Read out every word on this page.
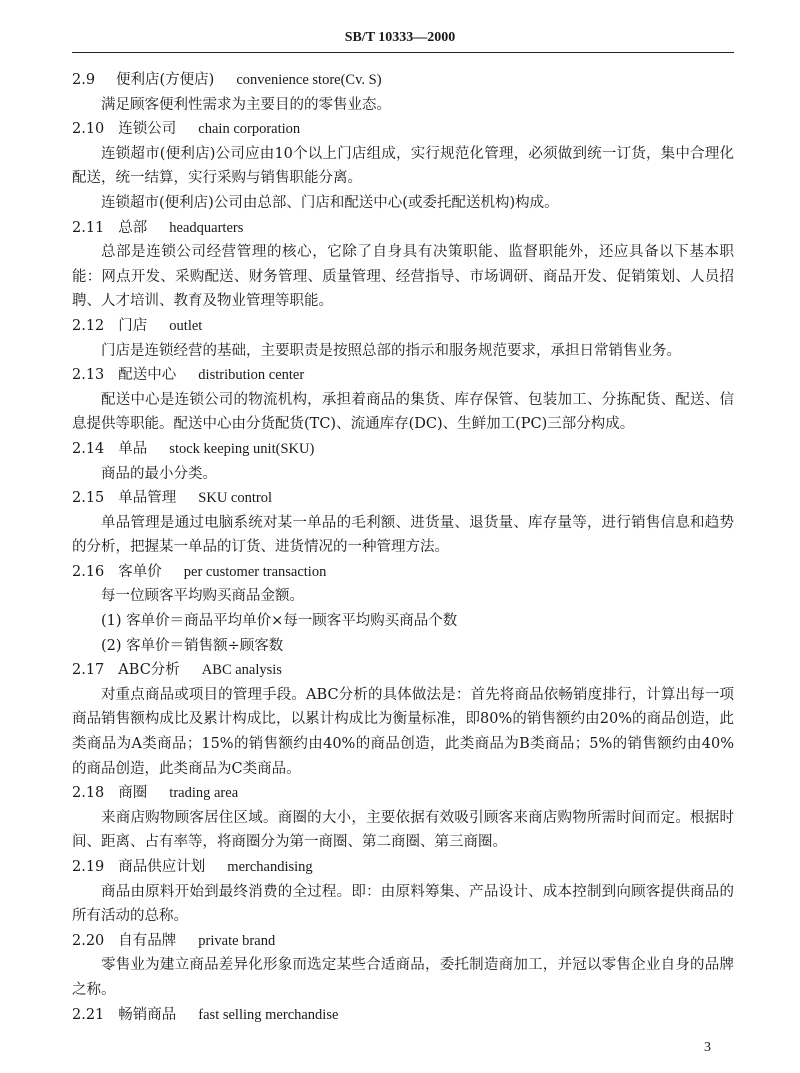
SB/T 10333—2000
2.9	便利店(方便店) convenience store(Cv. S)
满足顾客便利性需求为主要目的的零售业态。
2.10 连锁公司 chain corporation
连锁超市(便利店)公司应由10个以上门店组成，实行规范化管理，必须做到统一订货，集中合理化配送，统一结算，实行采购与销售职能分离。
连锁超市(便利店)公司由总部、门店和配送中心(或委托配送机构)构成。
2.11 总部 headquarters
总部是连锁公司经营管理的核心，它除了自身具有决策职能、监督职能外，还应具备以下基本职能：网点开发、采购配送、财务管理、质量管理、经营指导、市场调研、商品开发、促销策划、人员招聘、人才培训、教育及物业管理等职能。
2.12 门店 outlet
门店是连锁经营的基础，主要职责是按照总部的指示和服务规范要求，承担日常销售业务。
2.13 配送中心 distribution center
配送中心是连锁公司的物流机构，承担着商品的集货、库存保管、包装加工、分拣配货、配送、信息提供等职能。配送中心由分货配货(TC)、流通库存(DC)、生鲜加工(PC)三部分构成。
2.14 单品 stock keeping unit(SKU)
商品的最小分类。
2.15 单品管理 SKU control
单品管理是通过电脑系统对某一单品的毛利额、进货量、退货量、库存量等，进行销售信息和趋势的分析，把握某一单品的订货、进货情况的一种管理方法。
2.16 客单价 per customer transaction
每一位顾客平均购买商品金额。
(1) 客单价＝商品平均单价×每一顾客平均购买商品个数
(2) 客单价＝销售额÷顾客数
2.17 ABC分析 ABC analysis
对重点商品或项目的管理手段。ABC分析的具体做法是：首先将商品依畅销度排行，计算出每一项商品销售额构成比及累计构成比，以累计构成比为衡量标准，即80%的销售额约由20%的商品创造，此类商品为A类商品；15%的销售额约由40%的商品创造，此类商品为B类商品；5%的销售额约由40%的商品创造，此类商品为C类商品。
2.18 商圈 trading area
来商店购物顾客居住区域。商圈的大小，主要依据有效吸引顾客来商店购物所需时间而定。根据时间、距离、占有率等，将商圈分为第一商圈、第二商圈、第三商圈。
2.19 商品供应计划 merchandising
商品由原料开始到最终消费的全过程。即：由原料筹集、产品设计、成本控制到向顾客提供商品的所有活动的总称。
2.20 自有品牌 private brand
零售业为建立商品差异化形象而选定某些合适商品，委托制造商加工，并冠以零售企业自身的品牌之称。
2.21 畅销商品 fast selling merchandise
3
